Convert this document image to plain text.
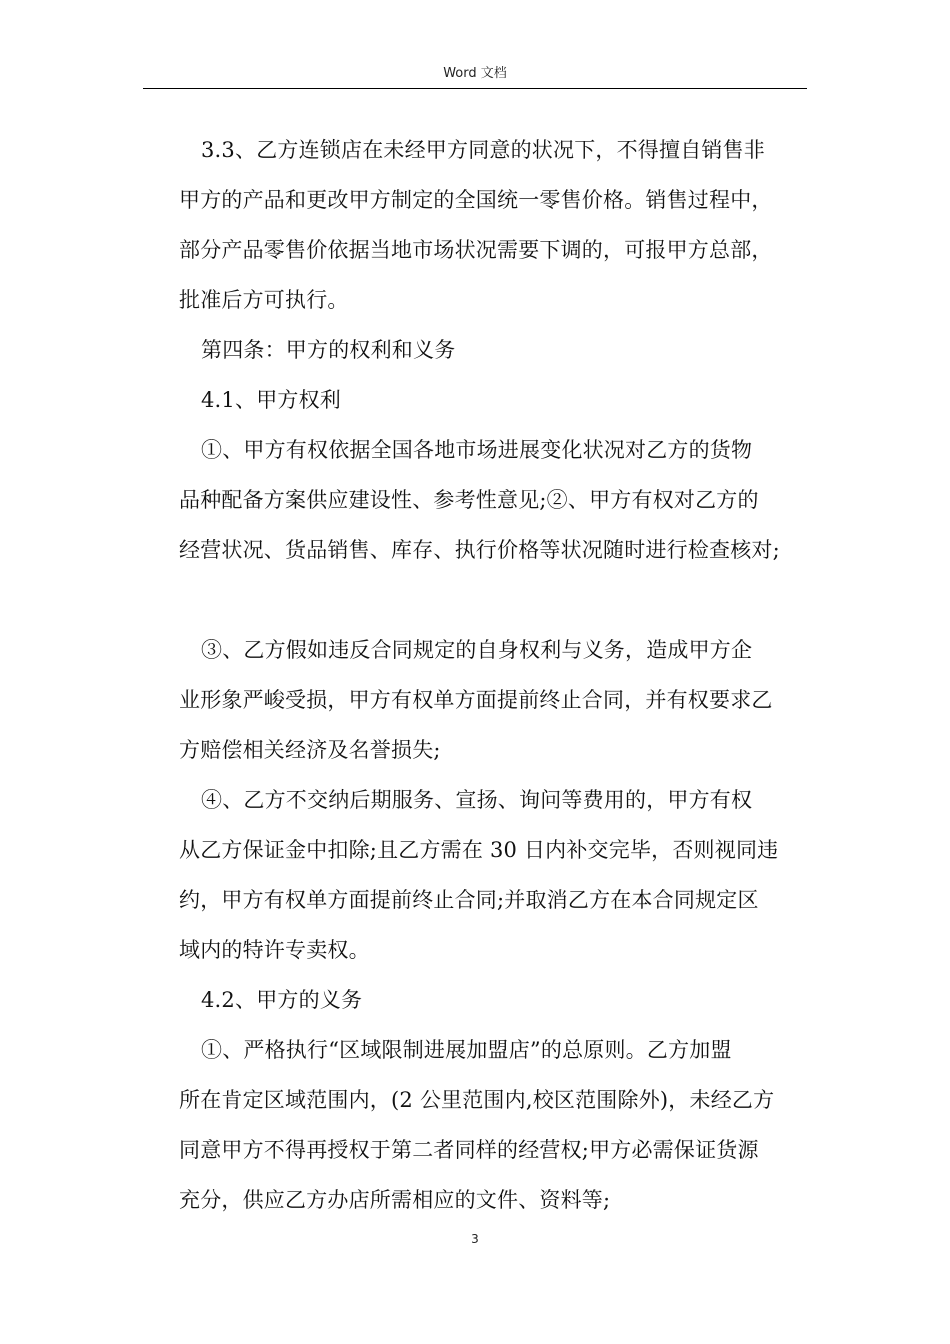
Word 文档
3.3、乙方连锁店在未经甲方同意的状况下，不得擅自销售非
甲方的产品和更改甲方制定的全国统一零售价格。销售过程中，
部分产品零售价依据当地市场状况需要下调的，可报甲方总部，
批准后方可执行。
第四条：甲方的权利和义务
4.1、甲方权利
①、甲方有权依据全国各地市场进展变化状况对乙方的货物
品种配备方案供应建设性、参考性意见;②、甲方有权对乙方的
经营状况、货品销售、库存、执行价格等状况随时进行检查核对;
③、乙方假如违反合同规定的自身权利与义务，造成甲方企
业形象严峻受损，甲方有权单方面提前终止合同，并有权要求乙
方赔偿相关经济及名誉损失;
④、乙方不交纳后期服务、宣扬、询问等费用的，甲方有权
从乙方保证金中扣除;且乙方需在 30 日内补交完毕，否则视同违
约，甲方有权单方面提前终止合同;并取消乙方在本合同规定区
域内的特许专卖权。
4.2、甲方的义务
①、严格执行“区域限制进展加盟店”的总原则。乙方加盟
所在肯定区域范围内，(2 公里范围内,校区范围除外)，未经乙方
同意甲方不得再授权于第二者同样的经营权;甲方必需保证货源
充分，供应乙方办店所需相应的文件、资料等;
3
